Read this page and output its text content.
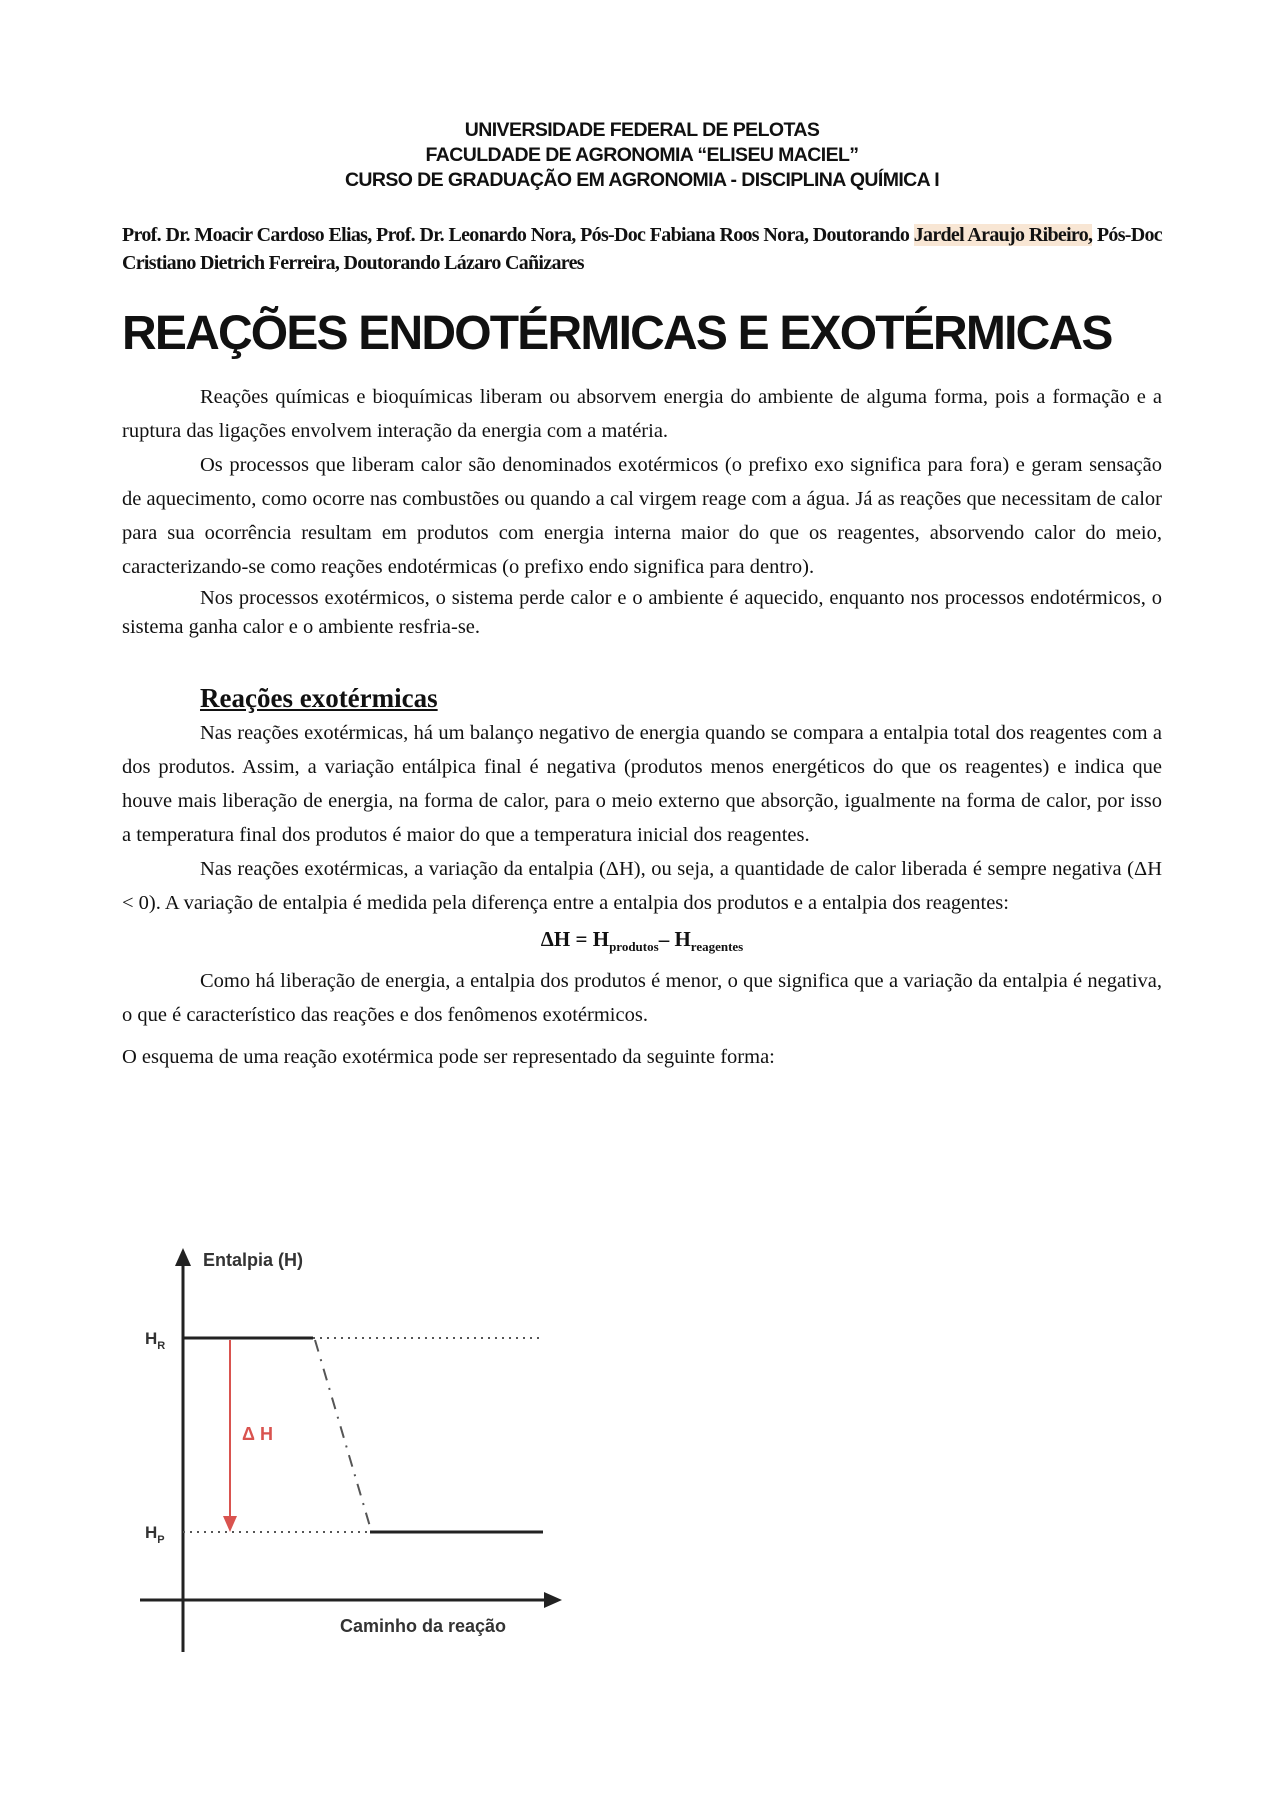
UNIVERSIDADE FEDERAL DE PELOTAS
FACULDADE DE AGRONOMIA “ELISEU MACIEL”
CURSO DE GRADUAÇÃO EM AGRONOMIA - DISCIPLINA QUÍMICA I
Prof. Dr. Moacir Cardoso Elias, Prof. Dr. Leonardo Nora, Pós-Doc Fabiana Roos Nora, Doutorando Jardel Araujo Ribeiro, Pós-Doc Cristiano Dietrich Ferreira, Doutorando Lázaro Cañizares
REAÇÕES ENDOTÉRMICAS E EXOTÉRMICAS

Reações químicas e bioquímicas liberam ou absorvem energia do ambiente de alguma forma, pois a formação e a ruptura das ligações envolvem interação da energia com a matéria.

Os processos que liberam calor são denominados exotérmicos (o prefixo exo significa para fora) e geram sensação de aquecimento, como ocorre nas combustões ou quando a cal virgem reage com a água. Já as reações que necessitam de calor para sua ocorrência resultam em produtos com energia interna maior do que os reagentes, absorvendo calor do meio, caracterizando-se como reações endotérmicas (o prefixo endo significa para dentro).

Nos processos exotérmicos, o sistema perde calor e o ambiente é aquecido, enquanto nos processos endotérmicos, o sistema ganha calor e o ambiente resfria-se.

Reações exotérmicas

Nas reações exotérmicas, há um balanço negativo de energia quando se compara a entalpia total dos reagentes com a dos produtos. Assim, a variação entálpica final é negativa (produtos menos energéticos do que os reagentes) e indica que houve mais liberação de energia, na forma de calor, para o meio externo que absorção, igualmente na forma de calor, por isso a temperatura final dos produtos é maior do que a temperatura inicial dos reagentes.

Nas reações exotérmicas, a variação da entalpia (ΔH), ou seja, a quantidade de calor liberada é sempre negativa (ΔH < 0). A variação de entalpia é medida pela diferença entre a entalpia dos produtos e a entalpia dos reagentes:

$\Delta H = H_{produtos}-$ $H_{reagentes}$

Como há liberação de energia, a entalpia dos produtos é menor, o que significa que a variação da entalpia é negativa, o que é característico das reações e dos fenômenos exotérmicos.

O esquema de uma reação exotérmica pode ser representado da seguinte forma:

Entalpia (H)
Caminho da reação
Δ H
$H_R$
$H_P$
